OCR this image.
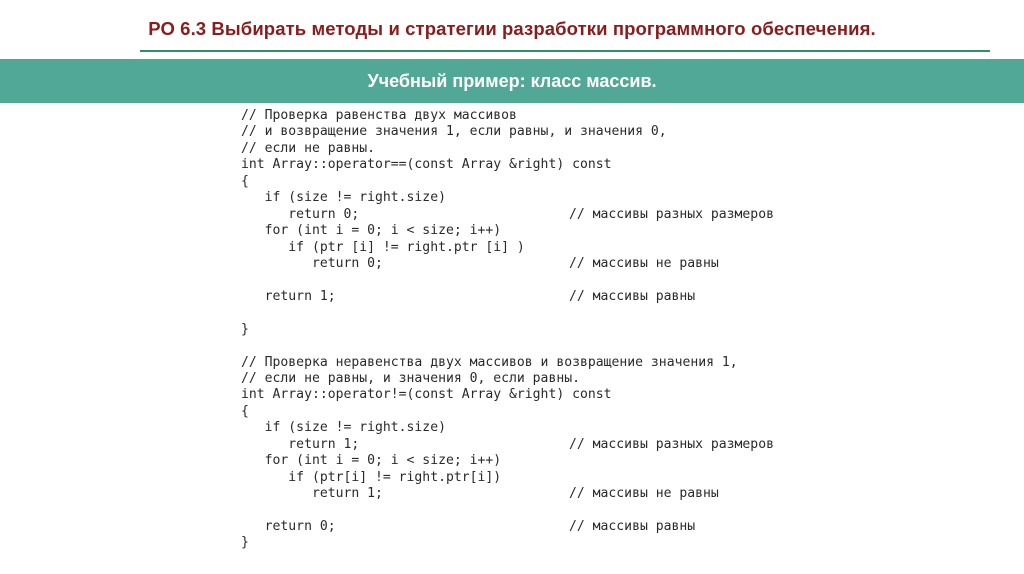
РО 6.3 Выбирать методы и стратегии разработки программного обеспечения.
Учебный пример: класс массив.
// Проверка равенства двух массивов
// и возвращение значения 1, если равны, и значения 0,
// если не равны.
int Array::operator==(const Array &right) const
{
if (size != right.size)
return 0;	// массивы разных размеров
for (int i = 0; i < size; i++)
if (ptr [i] != right.ptr [i] )
return 0;	// массивы не равны
return 1;	// массивы равны
}
// Проверка неравенства двух массивов и возвращение значения 1,
// если не равны, и значения 0, если равны.
int Array::operator!=(const Array &right) const
{
if (size != right.size)
return 1;	// массивы разных размеров
for (int i = 0; i < size; i++)
if (ptr[i] != right.ptr[i])
return 1;	// массивы не равны
return 0;	// массивы равны
}
